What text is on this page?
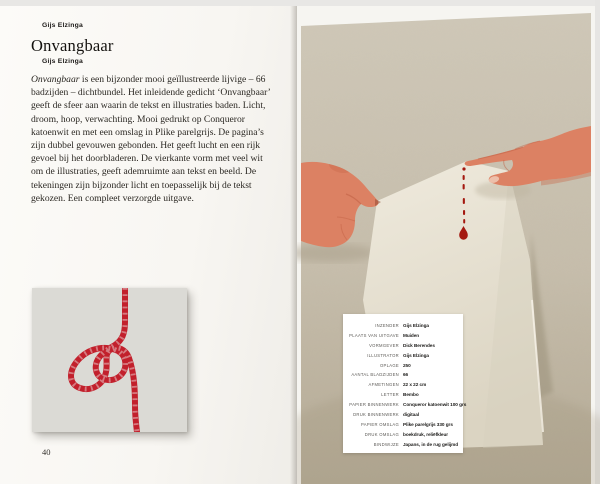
Gijs Elzinga
Onvangbaar
Gijs Elzinga

Onvangbaar is een bijzonder mooi geïllustreerde lijvige – 66 badzijden – dichtbundel. Het inleidende gedicht ‘Onvangbaar’ geeft de sfeer aan waarin de tekst en illustraties baden. Licht, droom, hoop, verwachting. Mooi gedrukt op Conqueror katoenwit en met een omslag in Plike parelgrijs. De pagina’s zijn dubbel gevouwen gebonden. Het geeft lucht en een rijk gevoel bij het doorbladeren. De vierkante vorm met veel wit om de illustraties, geeft ademruimte aan tekst en beeld. De tekeningen zijn bijzonder licht en toepasselijk bij de tekst gekozen. Een compleet verzorgde uitgave.

40
INZENDER Gijs Elzinga
PLAATS VAN UITGAVE Muiden
VORMGEVER Dick Berendes
ILLUSTRATOR Gijs Elzinga
OPLAGE 250
AANTAL BLADZIJDEN 66
AFMETINGEN 22 x 22 cm
LETTER Bembo
PAPIER BINNENWERK Conqueror katoenwit 100 grs
DRUK BINNENWERK digitaal
PAPIER OMSLAG Plike parelgrijs 330 grs
DRUK OMSLAG boekdruk, reliëfkleur
BINDWIJZE Japans, in de rug gelijmd
